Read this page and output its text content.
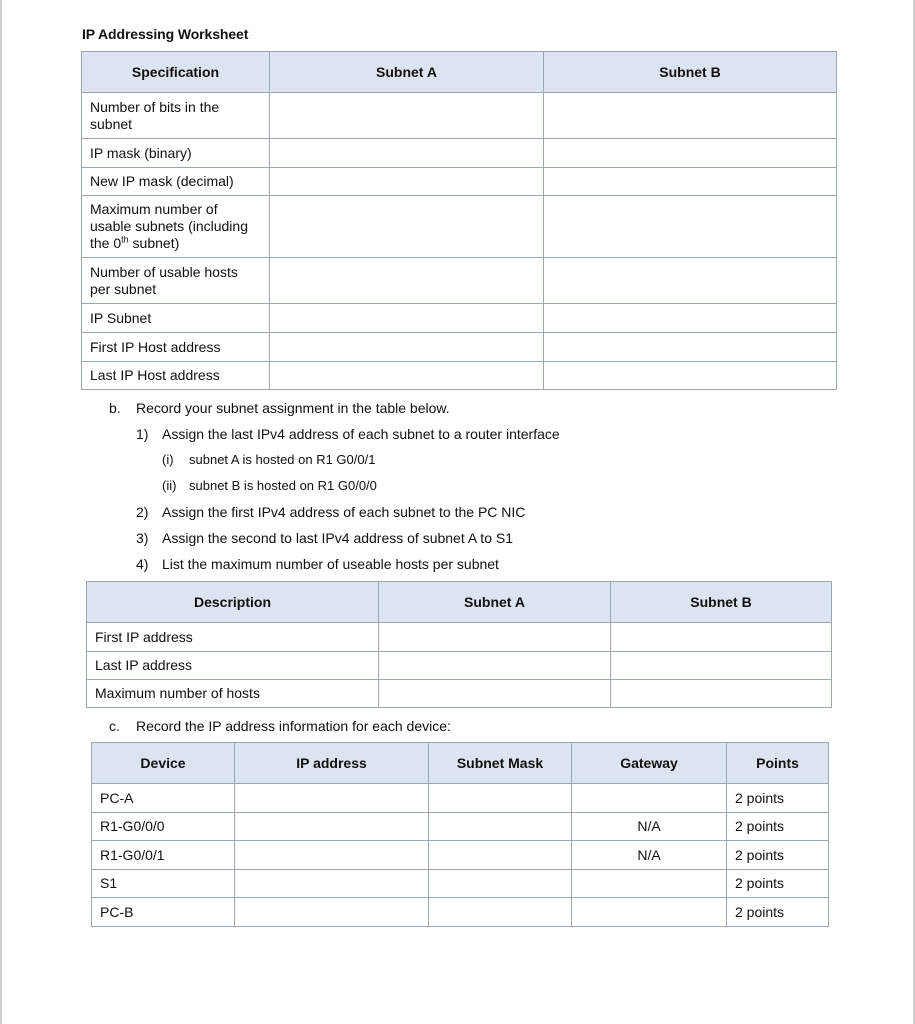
IP Addressing Worksheet
Specification	Subnet A	Subnet B
Number of bits in the subnet		
IP mask (binary)		
New IP mask (decimal)		
Maximum number of usable subnets (including the 0th subnet)		
Number of usable hosts per subnet		
IP Subnet		
First IP Host address		
Last IP Host address		
b. Record your subnet assignment in the table below.
1) Assign the last IPv4 address of each subnet to a router interface
(i) subnet A is hosted on R1 G0/0/1
(ii) subnet B is hosted on R1 G0/0/0
2) Assign the first IPv4 address of each subnet to the PC NIC
3) Assign the second to last IPv4 address of subnet A to S1
4) List the maximum number of useable hosts per subnet
Description	Subnet A	Subnet B
First IP address		
Last IP address		
Maximum number of hosts		
c. Record the IP address information for each device:
Device	IP address	Subnet Mask	Gateway	Points
PC-A				2 points
R1-G0/0/0			N/A	2 points
R1-G0/0/1			N/A	2 points
S1				2 points
PC-B				2 points
